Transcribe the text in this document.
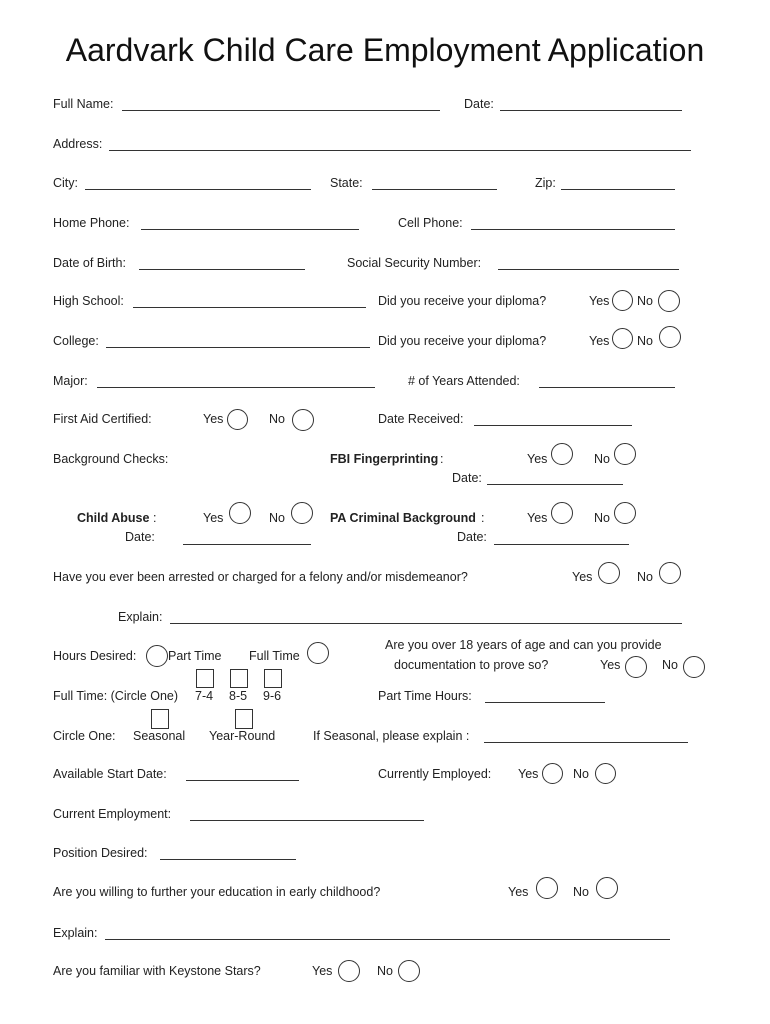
Aardvark Child Care Employment Application
Full Name:	Date:
Address:
City:	State:	Zip:
Home Phone:	Cell Phone:
Date of Birth:	Social Security Number:
High School:	Did you receive your diploma?	Yes No
College:	Did you receive your diploma?	Yes No
Major:	# of Years Attended:
First Aid Certified:	Yes	No	Date Received:
Background Checks:	FBI Fingerprinting :	Yes	No
Date:
Child Abuse :	Yes	No	PA Criminal Background :	Yes	No
Date:	Date:
Have you ever been arrested or charged for a felony and/or misdemeanor?	Yes	No
Explain:
Hours Desired:	Part Time Full Time
Are you over 18 years of age and can you provide
documentation to prove so?	Yes	No
Full Time: (Circle One) 7-4 8-5 9-6	Part Time Hours:
Circle One: Seasonal Year-Round	If Seasonal, please explain :
Available Start Date:	Currently Employed: Yes	No
Current Employment:
Position Desired:
Are you willing to further your education in early childhood?	Yes	No
Explain:
Are you familiar with Keystone Stars?	Yes	No
